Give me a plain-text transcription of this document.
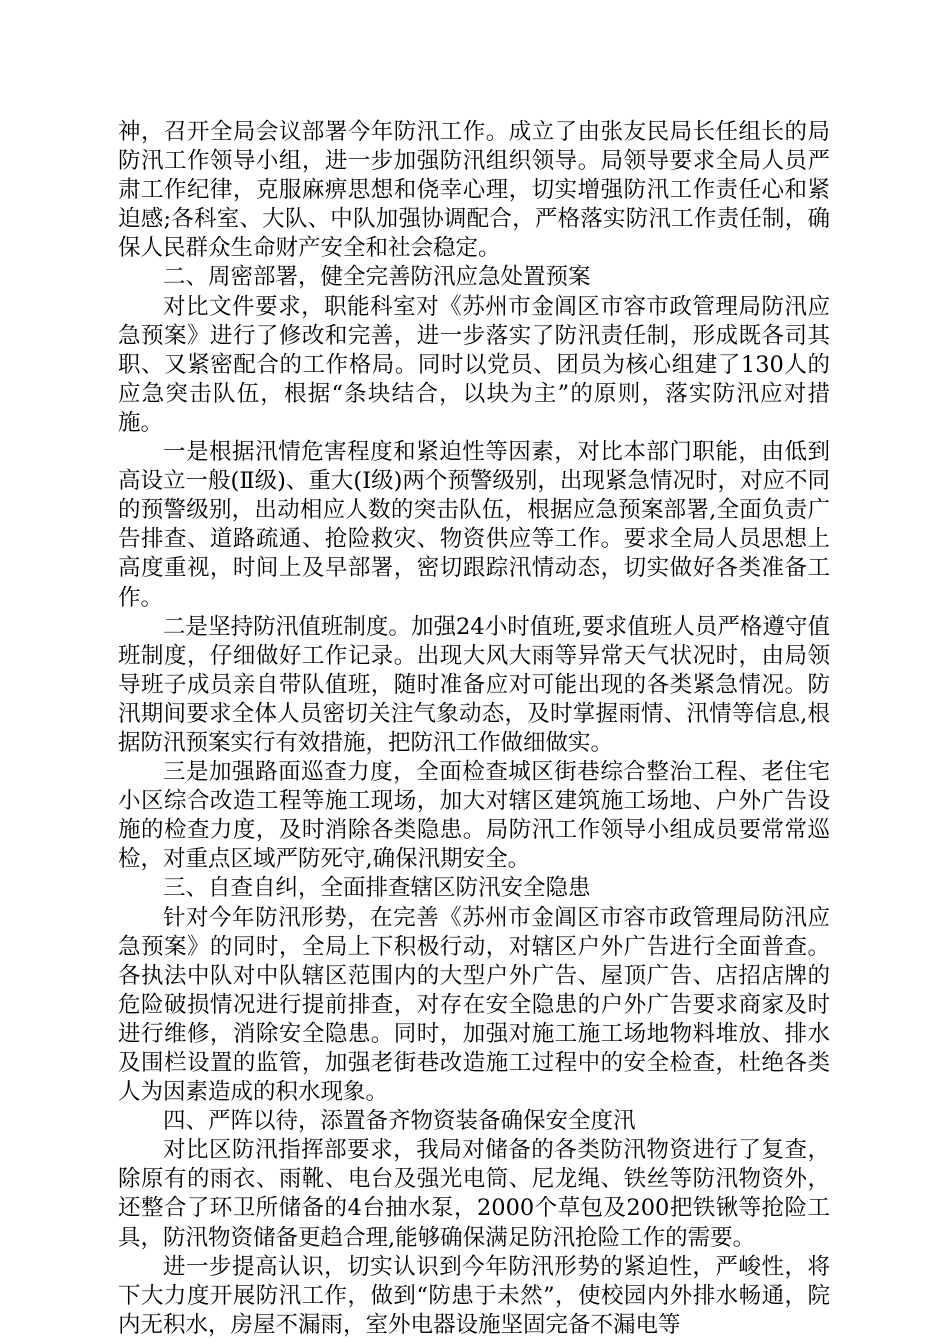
神，召开全局会议部署今年防汛工作。成立了由张友民局长任组长的局防汛工作领导小组，进一步加强防汛组织领导。局领导要求全局人员严肃工作纪律，克服麻痹思想和侥幸心理，切实增强防汛工作责任心和紧迫感;各科室、大队、中队加强协调配合，严格落实防汛工作责任制，确保人民群众生命财产安全和社会稳定。

二、周密部署，健全完善防汛应急处置预案

对比文件要求，职能科室对《苏州市金阊区市容市政管理局防汛应急预案》进行了修改和完善，进一步落实了防汛责任制，形成既各司其职、又紧密配合的工作格局。同时以党员、团员为核心组建了130人的应急突击队伍，根据“条块结合，以块为主”的原则，落实防汛应对措施。

一是根据汛情危害程度和紧迫性等因素，对比本部门职能，由低到高设立一般(Ⅱ级)、重大(Ⅰ级)两个预警级别，出现紧急情况时，对应不同的预警级别，出动相应人数的突击队伍，根据应急预案部署,全面负责广告排查、道路疏通、抢险救灾、物资供应等工作。要求全局人员思想上高度重视，时间上及早部署，密切跟踪汛情动态，切实做好各类准备工作。

二是坚持防汛值班制度。加强24小时值班,要求值班人员严格遵守值班制度，仔细做好工作记录。出现大风大雨等异常天气状况时，由局领导班子成员亲自带队值班，随时准备应对可能出现的各类紧急情况。防汛期间要求全体人员密切关注气象动态，及时掌握雨情、汛情等信息,根据防汛预案实行有效措施，把防汛工作做细做实。

三是加强路面巡查力度，全面检查城区街巷综合整治工程、老住宅小区综合改造工程等施工现场，加大对辖区建筑施工场地、户外广告设施的检查力度，及时消除各类隐患。局防汛工作领导小组成员要常常巡检，对重点区域严防死守,确保汛期安全。

三、自查自纠，全面排查辖区防汛安全隐患

针对今年防汛形势，在完善《苏州市金阊区市容市政管理局防汛应急预案》的同时，全局上下积极行动，对辖区户外广告进行全面普查。各执法中队对中队辖区范围内的大型户外广告、屋顶广告、店招店牌的危险破损情况进行提前排查，对存在安全隐患的户外广告要求商家及时进行维修，消除安全隐患。同时，加强对施工施工场地物料堆放、排水及围栏设置的监管，加强老街巷改造施工过程中的安全检查，杜绝各类人为因素造成的积水现象。

四、严阵以待，添置备齐物资装备确保安全度汛

对比区防汛指挥部要求，我局对储备的各类防汛物资进行了复查，除原有的雨衣、雨靴、电台及强光电筒、尼龙绳、铁丝等防汛物资外，还整合了环卫所储备的4台抽水泵，2000个草包及200把铁锹等抢险工具，防汛物资储备更趋合理,能够确保满足防汛抢险工作的需要。

进一步提高认识，切实认识到今年防汛形势的紧迫性，严峻性，将下大力度开展防汛工作，做到“防患于未然”，使校园内外排水畅通，院内无积水，房屋不漏雨，室外电器设施坚固完备不漏电等
